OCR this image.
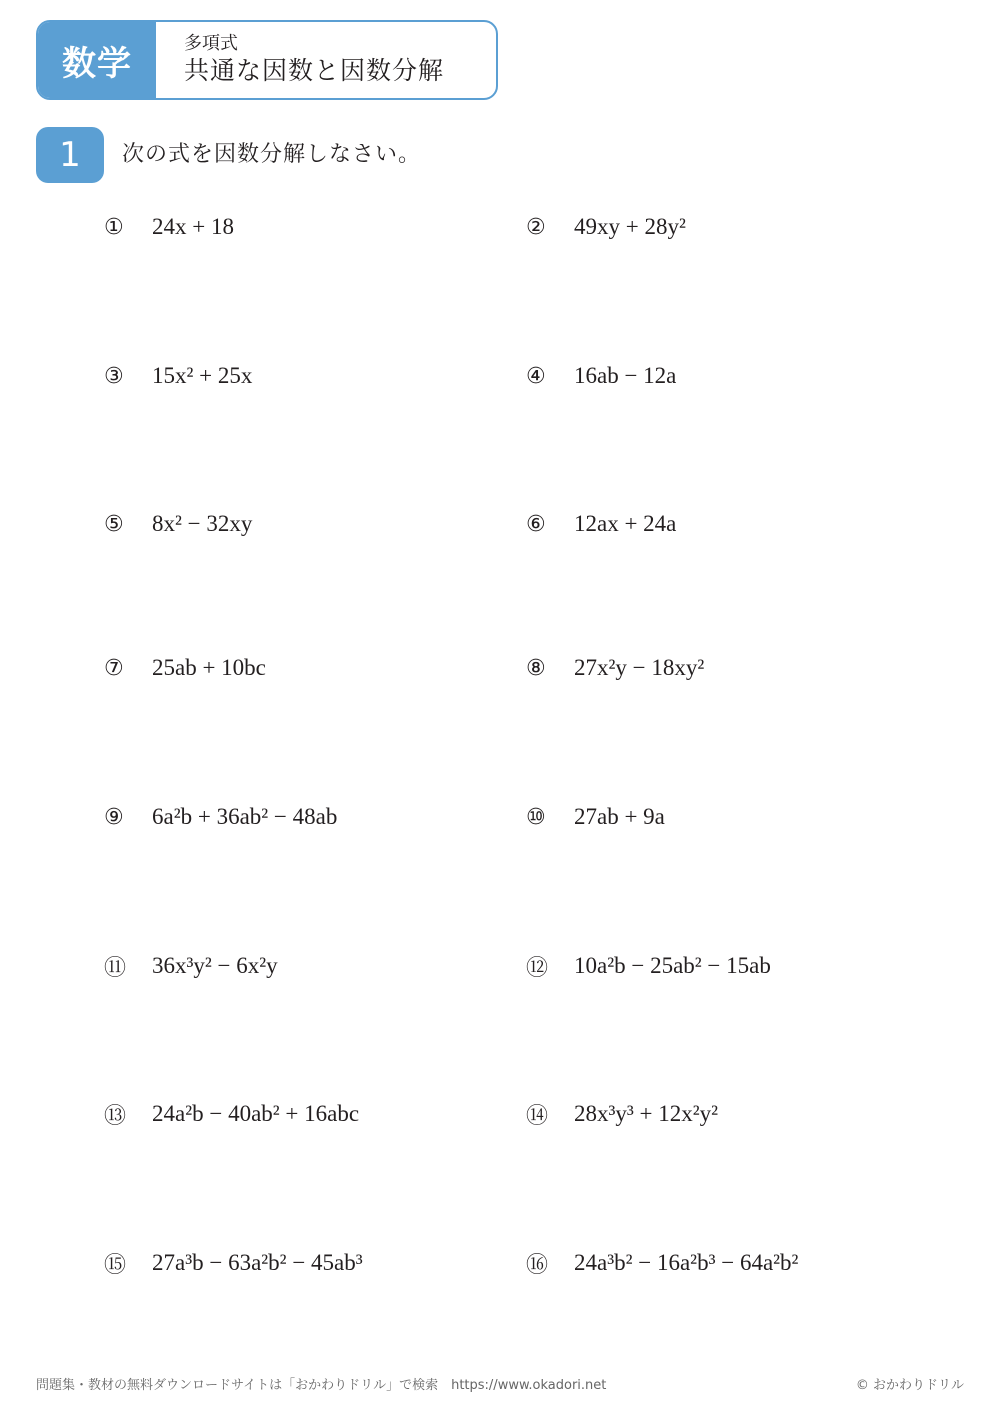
数学	多項式
共通な因数と因数分解
1	次の式を因数分解しなさい。
①	24x + 18	②	49xy + 28y²
③	15x² + 25x	④	16ab − 12a
⑤	8x² − 32xy	⑥	12ax + 24a
⑦	25ab + 10bc	⑧	27x²y − 18xy²
⑨	6a²b + 36ab² − 48ab	⑩	27ab + 9a
⑪	36x³y² − 6x²y	⑫	10a²b − 25ab² − 15ab
⑬	24a²b − 40ab² + 16abc	⑭	28x³y³ + 12x²y²
⑮	27a³b − 63a²b² − 45ab³	⑯	24a³b² − 16a²b³ − 64a²b²
問題集・教材の無料ダウンロードサイトは「おかわりドリル」で検索　https://www.okadori.net	© おかわりドリル
